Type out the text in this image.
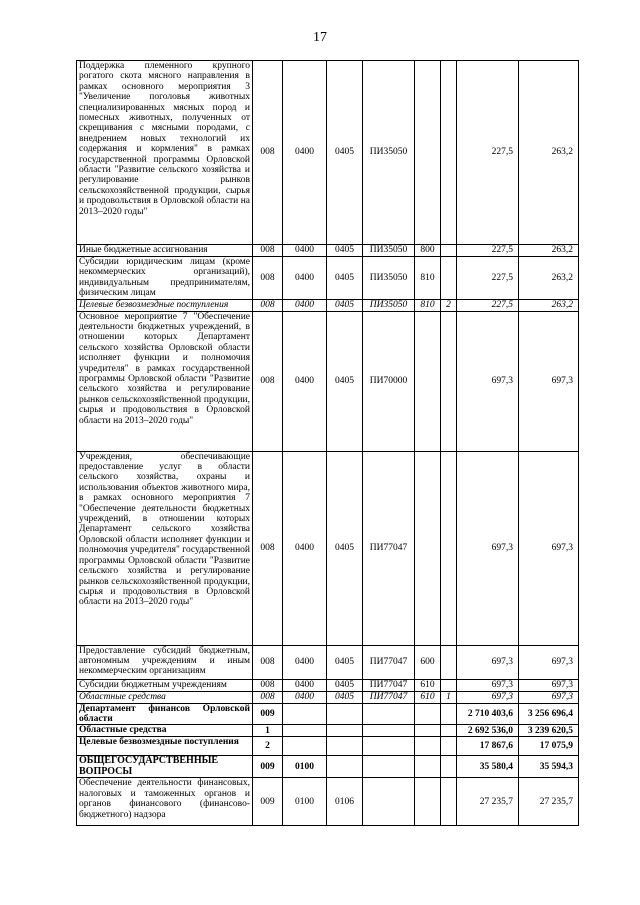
17
Поддержка племенного крупного рогатого скота мясного направления в рамках основного мероприятия 3 "Увеличение поголовья животных специализированных мясных пород и помесных животных, полученных от скрещивания с мясными породами, с внедрением новых технологий их содержания и кормления" в рамках государственной программы Орловской области "Развитие сельского хозяйства и регулирование рынков сельскохозяйственной продукции, сырья и продовольствия в Орловской области на 2013–2020 годы"	008	0400	0405	ПИ35050			227,5	263,2
Иные бюджетные ассигнования	008	0400	0405	ПИ35050	800		227,5	263,2
Субсидии юридическим лицам (кроме некоммерческих организаций), индивидуальным предпринимателям, физическим лицам	008	0400	0405	ПИ35050	810		227,5	263,2
Целевые безвозмездные поступления	008	0400	0405	ПИ35050	810	2	227,5	263,2
Основное мероприятие 7 "Обеспечение деятельности бюджетных учреждений, в отношении которых Департамент сельского хозяйства Орловской области исполняет функции и полномочия учредителя" в рамках государственной программы Орловской области "Развитие сельского хозяйства и регулирование рынков сельскохозяйственной продукции, сырья и продовольствия в Орловской области на 2013–2020 годы"	008	0400	0405	ПИ70000			697,3	697,3
Учреждения, обеспечивающие предоставление услуг в области сельского хозяйства, охраны и использования объектов животного мира, в рамках основного мероприятия 7 "Обеспечение деятельности бюджетных учреждений, в отношении которых Департамент сельского хозяйства Орловской области исполняет функции и полномочия учредителя" государственной программы Орловской области "Развитие сельского хозяйства и регулирование рынков сельскохозяйственной продукции, сырья и продовольствия в Орловской области на 2013–2020 годы"	008	0400	0405	ПИ77047			697,3	697,3
Предоставление субсидий бюджетным, автономным учреждениям и иным некоммерческим организациям	008	0400	0405	ПИ77047	600		697,3	697,3
Субсидии бюджетным учреждениям	008	0400	0405	ПИ77047	610		697,3	697,3
Областные средства	008	0400	0405	ПИ77047	610	1	697,3	697,3
Департамент финансов Орловской области	009						2 710 403,6	3 256 696,4
Областные средства	1						2 692 536,0	3 239 620,5
Целевые безвозмездные поступления	2						17 867,6	17 075,9
ОБЩЕГОСУДАРСТВЕННЫЕ ВОПРОСЫ	009	0100					35 580,4	35 594,3
Обеспечение деятельности финансовых, налоговых и таможенных органов и органов финансового (финансово-бюджетного) надзора	009	0100	0106				27 235,7	27 235,7
